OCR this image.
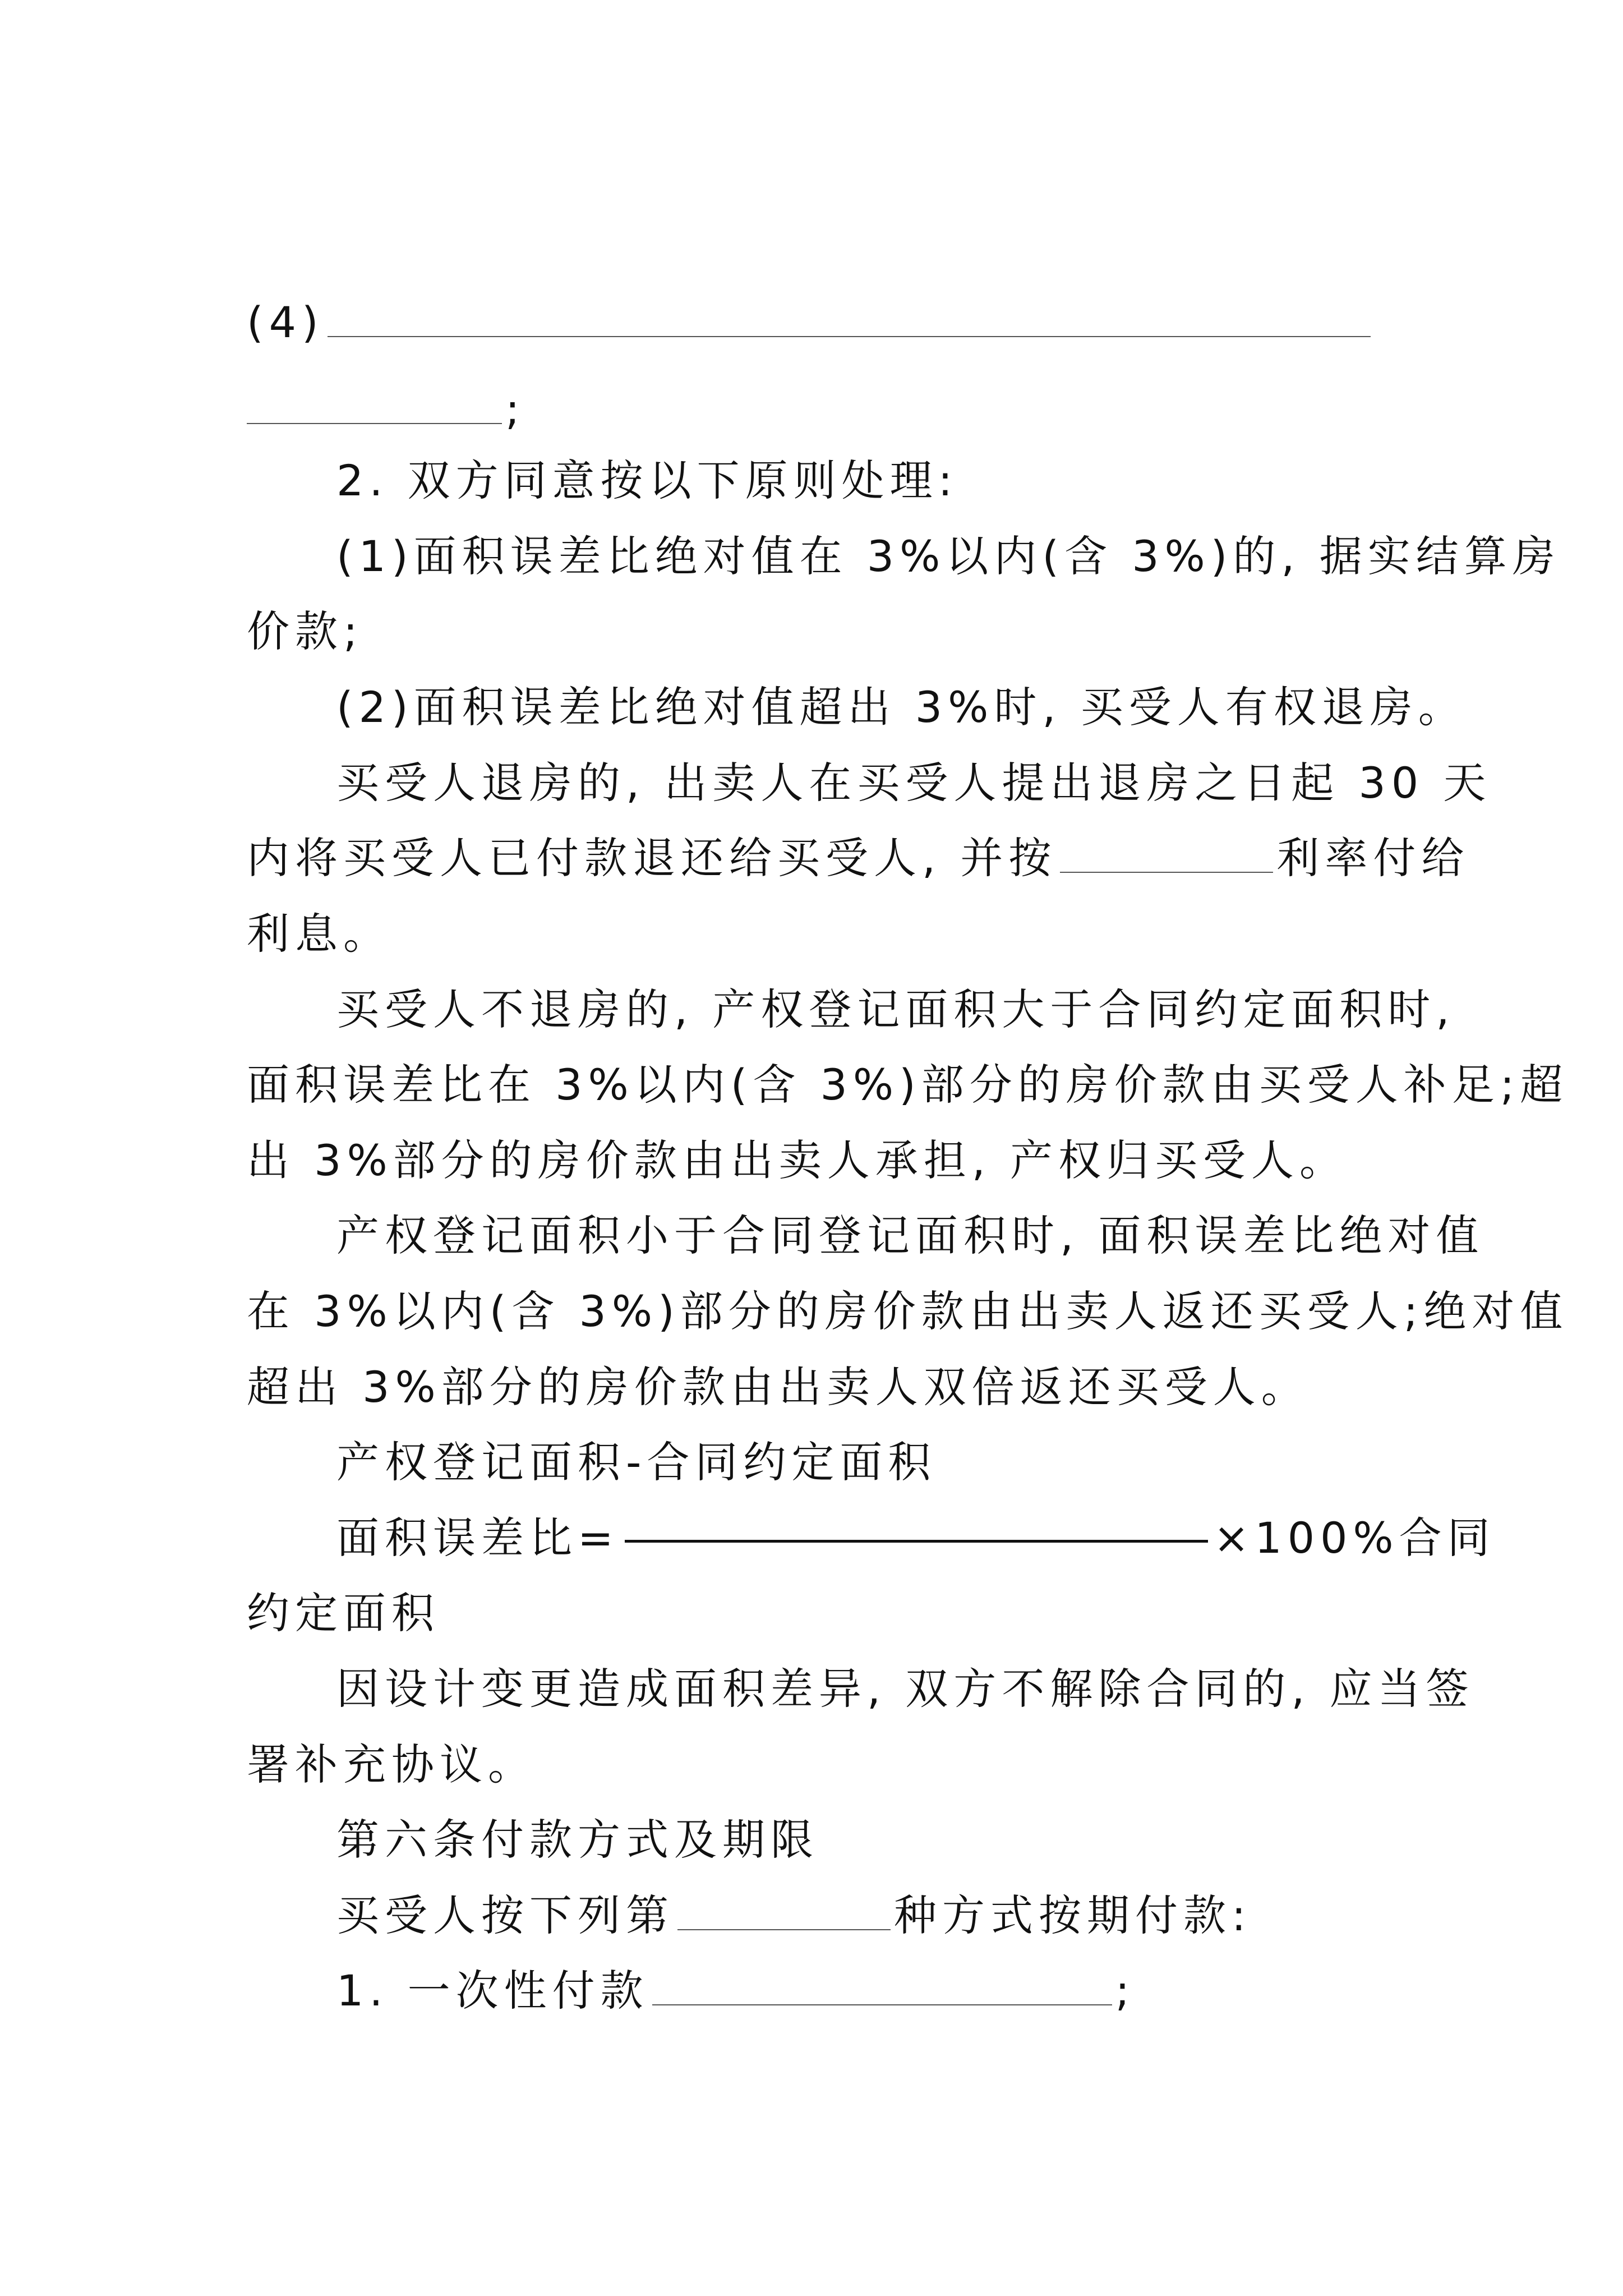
(4)
;
2. 双方同意按以下原则处理:
(1)面积误差比绝对值在 3%以内(含 3%)的, 据实结算房
价款;
(2)面积误差比绝对值超出 3%时, 买受人有权退房。
买受人退房的, 出卖人在买受人提出退房之日起 30 天
内将买受人已付款退还给买受人, 并按	利率付给
利息。
买受人不退房的, 产权登记面积大于合同约定面积时,
面积误差比在 3%以内(含 3%)部分的房价款由买受人补足;超
出 3%部分的房价款由出卖人承担, 产权归买受人。
产权登记面积小于合同登记面积时, 面积误差比绝对值
在 3%以内(含 3%)部分的房价款由出卖人返还买受人;绝对值
超出 3%部分的房价款由出卖人双倍返还买受人。
产权登记面积-合同约定面积
面积误差比=	×100%合同
约定面积
因设计变更造成面积差异, 双方不解除合同的, 应当签
署补充协议。
第六条付款方式及期限
买受人按下列第	种方式按期付款:
1. 一次性付款	;
